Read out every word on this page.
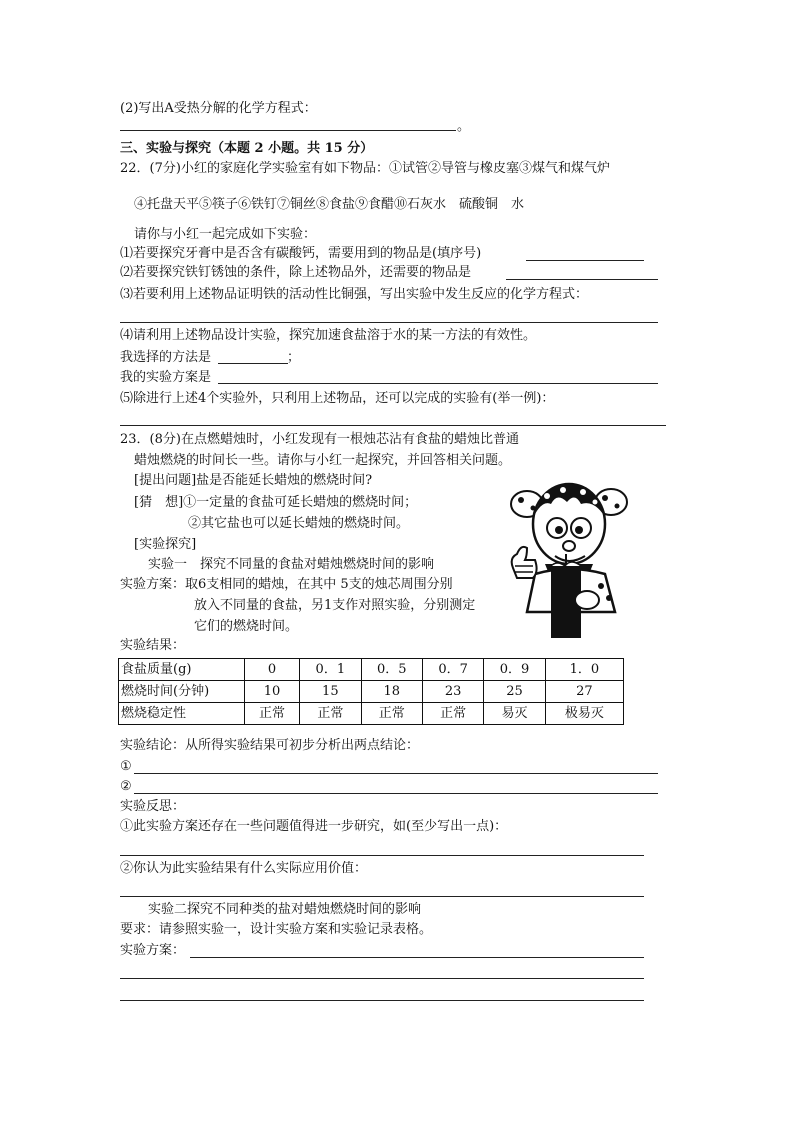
(2)写出A受热分解的化学方程式：
。
三、实验与探究（本题 2 小题。共 15 分）
22．(7分)小红的家庭化学实验室有如下物品：①试管②导管与橡皮塞③煤气和煤气炉
④托盘天平⑤筷子⑥铁钉⑦铜丝⑧食盐⑨食醋⑩石灰水　硫酸铜　水
请你与小红一起完成如下实验：
⑴若要探究牙膏中是否含有碳酸钙，需要用到的物品是(填序号)
⑵若要探究铁钉锈蚀的条件，除上述物品外，还需要的物品是
⑶若要利用上述物品证明铁的活动性比铜强，写出实验中发生反应的化学方程式：
⑷请利用上述物品设计实验，探究加速食盐溶于水的某一方法的有效性。
我选择的方法是	；
我的实验方案是
⑸除进行上述4个实验外，只利用上述物品，还可以完成的实验有(举一例)：
23．(8分)在点燃蜡烛时，小红发现有一根烛芯沾有食盐的蜡烛比普通
蜡烛燃烧的时间长一些。请你与小红一起探究，并回答相关问题。
[提出问题]盐是否能延长蜡烛的燃烧时间?
[猜　想]①一定量的食盐可延长蜡烛的燃烧时间；
②其它盐也可以延长蜡烛的燃烧时间。
[实验探究]
实验一　探究不同量的食盐对蜡烛燃烧时间的影响
实验方案：取6支相同的蜡烛，在其中 5支的烛芯周围分别
放入不同量的食盐，另1支作对照实验，分别测定
它们的燃烧时间。
实验结果：
食盐质量(g)	0	0．1	0．5	0．7	0．9	1．0
燃烧时间(分钟)	10	15	18	23	25	27
燃烧稳定性	正常	正常	正常	正常	易灭	极易灭
实验结论：从所得实验结果可初步分析出两点结论：
①
②
实验反思：
①此实验方案还存在一些问题值得进一步研究，如(至少写出一点)：
②你认为此实验结果有什么实际应用价值：
实验二探究不同种类的盐对蜡烛燃烧时间的影响
要求：请参照实验一，设计实验方案和实验记录表格。
实验方案：
